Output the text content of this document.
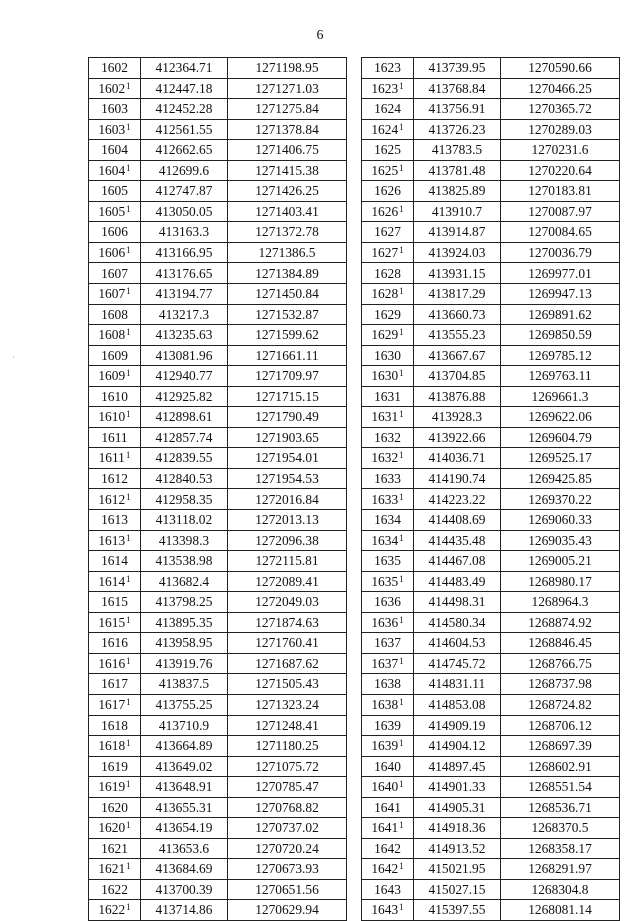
6
·
1602	412364.71	1271198.95
1602$^1$	412447.18	1271271.03
1603	412452.28	1271275.84
1603$^1$	412561.55	1271378.84
1604	412662.65	1271406.75
1604$^1$	412699.6	1271415.38
1605	412747.87	1271426.25
1605$^1$	413050.05	1271403.41
1606	413163.3	1271372.78
1606$^1$	413166.95	1271386.5
1607	413176.65	1271384.89
1607$^1$	413194.77	1271450.84
1608	413217.3	1271532.87
1608$^1$	413235.63	1271599.62
1609	413081.96	1271661.11
1609$^1$	412940.77	1271709.97
1610	412925.82	1271715.15
1610$^1$	412898.61	1271790.49
1611	412857.74	1271903.65
1611$^1$	412839.55	1271954.01
1612	412840.53	1271954.53
1612$^1$	412958.35	1272016.84
1613	413118.02	1272013.13
1613$^1$	413398.3	1272096.38
1614	413538.98	1272115.81
1614$^1$	413682.4	1272089.41
1615	413798.25	1272049.03
1615$^1$	413895.35	1271874.63
1616	413958.95	1271760.41
1616$^1$	413919.76	1271687.62
1617	413837.5	1271505.43
1617$^1$	413755.25	1271323.24
1618	413710.9	1271248.41
1618$^1$	413664.89	1271180.25
1619	413649.02	1271075.72
1619$^1$	413648.91	1270785.47
1620	413655.31	1270768.82
1620$^1$	413654.19	1270737.02
1621	413653.6	1270720.24
1621$^1$	413684.69	1270673.93
1622	413700.39	1270651.56
1622$^1$	413714.86	1270629.94
1623	413739.95	1270590.66
1623$^1$	413768.84	1270466.25
1624	413756.91	1270365.72
1624$^1$	413726.23	1270289.03
1625	413783.5	1270231.6
1625$^1$	413781.48	1270220.64
1626	413825.89	1270183.81
1626$^1$	413910.7	1270087.97
1627	413914.87	1270084.65
1627$^1$	413924.03	1270036.79
1628	413931.15	1269977.01
1628$^1$	413817.29	1269947.13
1629	413660.73	1269891.62
1629$^1$	413555.23	1269850.59
1630	413667.67	1269785.12
1630$^1$	413704.85	1269763.11
1631	413876.88	1269661.3
1631$^1$	413928.3	1269622.06
1632	413922.66	1269604.79
1632$^1$	414036.71	1269525.17
1633	414190.74	1269425.85
1633$^1$	414223.22	1269370.22
1634	414408.69	1269060.33
1634$^1$	414435.48	1269035.43
1635	414467.08	1269005.21
1635$^1$	414483.49	1268980.17
1636	414498.31	1268964.3
1636$^1$	414580.34	1268874.92
1637	414604.53	1268846.45
1637$^1$	414745.72	1268766.75
1638	414831.11	1268737.98
1638$^1$	414853.08	1268724.82
1639	414909.19	1268706.12
1639$^1$	414904.12	1268697.39
1640	414897.45	1268602.91
1640$^1$	414901.33	1268551.54
1641	414905.31	1268536.71
1641$^1$	414918.36	1268370.5
1642	414913.52	1268358.17
1642$^1$	415021.95	1268291.97
1643	415027.15	1268304.8
1643$^1$	415397.55	1268081.14
